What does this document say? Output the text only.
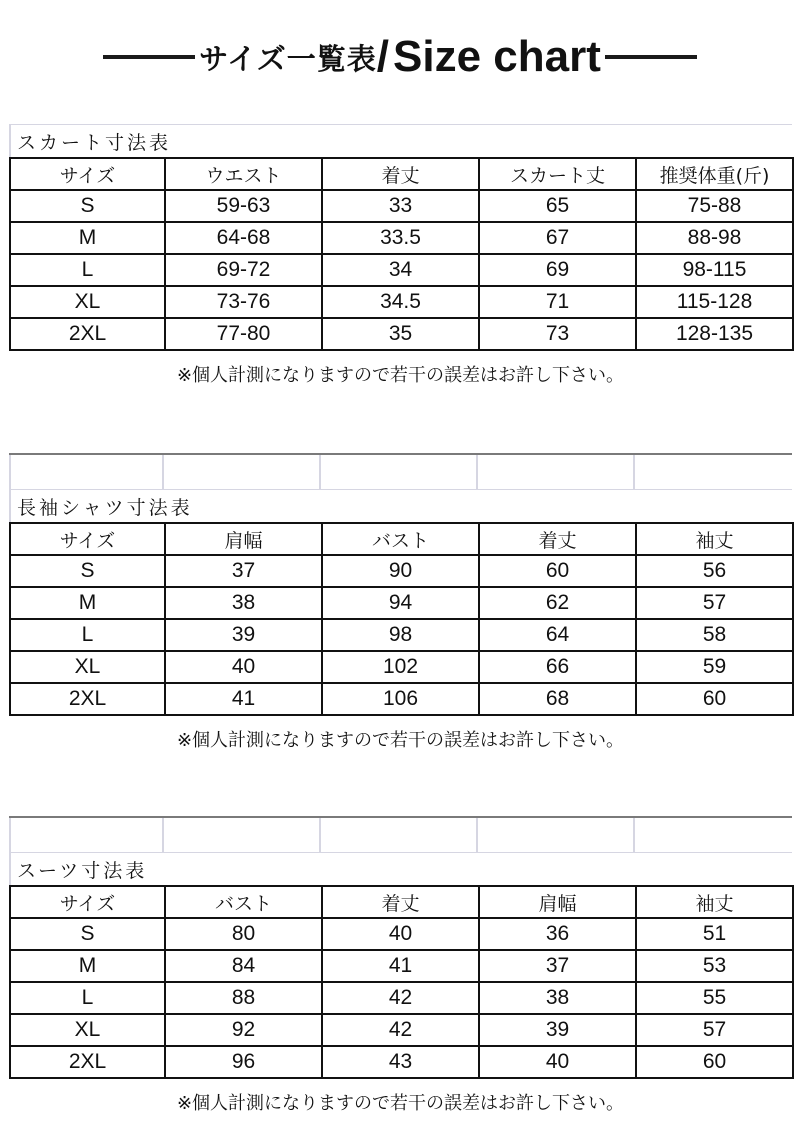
サイズ一覧表 / Size chart
スカート寸法表
サイズ	ウエスト	着丈	スカート丈	推奨体重(斤)
S	59-63	33	65	75-88
M	64-68	33.5	67	88-98
L	69-72	34	69	98-115
XL	73-76	34.5	71	115-128
2XL	77-80	35	73	128-135
※個人計測になりますので若干の誤差はお許し下さい。
長袖シャツ寸法表
サイズ	肩幅	バスト	着丈	袖丈
S	37	90	60	56
M	38	94	62	57
L	39	98	64	58
XL	40	102	66	59
2XL	41	106	68	60
※個人計測になりますので若干の誤差はお許し下さい。
スーツ寸法表
サイズ	バスト	着丈	肩幅	袖丈
S	80	40	36	51
M	84	41	37	53
L	88	42	38	55
XL	92	42	39	57
2XL	96	43	40	60
※個人計測になりますので若干の誤差はお許し下さい。
